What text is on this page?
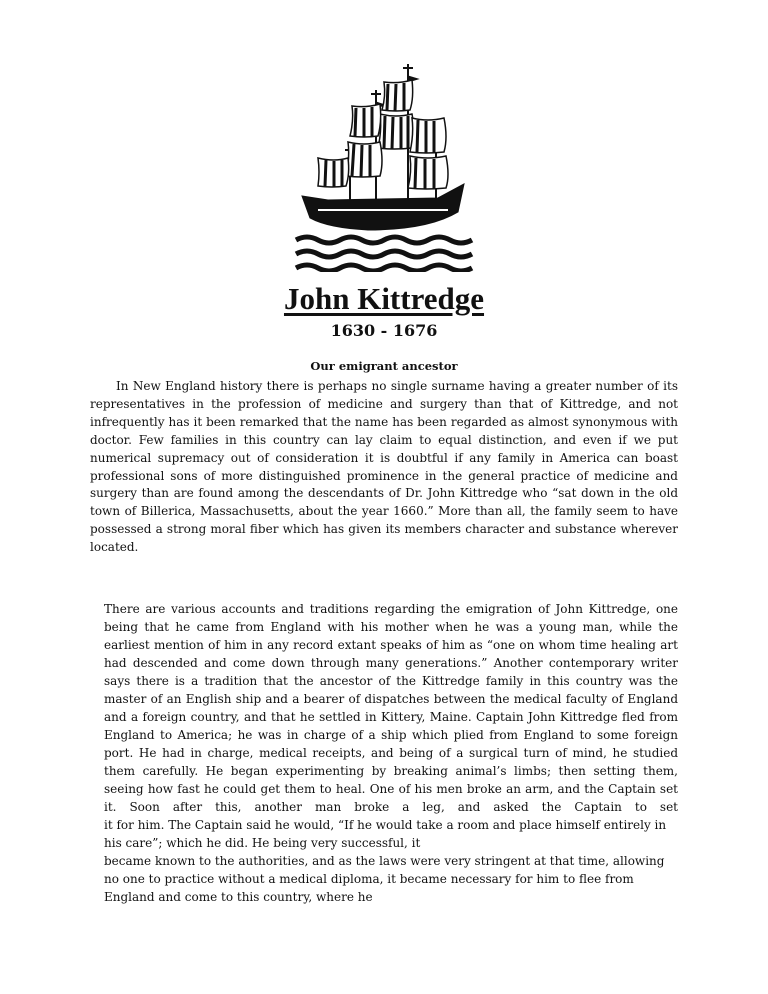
John Kittredge
1630 - 1676
Our emigrant ancestor

In New England history there is perhaps no single surname having a greater number of its representatives in the profession of medicine and surgery than that of Kittredge, and not infrequently has it been remarked that the name has been regarded as almost synonymous with doctor. Few families in this country can lay claim to equal distinction, and even if we put numerical supremacy out of consideration it is doubtful if any family in America can boast professional sons of more distinguished prominence in the general practice of medicine and surgery than are found among the descendants of Dr. John Kittredge who “sat down in the old town of Billerica, Massachusetts, about the year 1660.” More than all, the family seem to have possessed a strong moral fiber which has given its members character and substance wherever located.

There are various accounts and traditions regarding the emigration of John Kittredge, one being that he came from England with his mother when he was a young man, while the earliest mention of him in any record extant speaks of him as “one on whom time healing art had descended and come down through many generations.” Another contemporary writer says there is a tradition that the ancestor of the Kittredge family in this country was the master of an English ship and a bearer of dispatches between the medical faculty of England and a foreign country, and that he settled in Kittery, Maine. Captain John Kittredge fled from England to America; he was in charge of a ship which plied from England to some foreign port. He had in charge, medical receipts, and being of a surgical turn of mind, he studied them carefully. He began experimenting by breaking animal’s limbs; then setting them, seeing how fast he could get them to heal. One of his men broke an arm, and the Captain set it. Soon after this, another man broke a leg, and asked the Captain to set
it for him. The Captain said he would, “If he would take a room and place himself entirely in his care”; which he did. He being very successful, it
became known to the authorities, and as the laws were very stringent at that time, allowing no one to practice without a medical diploma, it became necessary for him to flee from England and come to this country, where he
